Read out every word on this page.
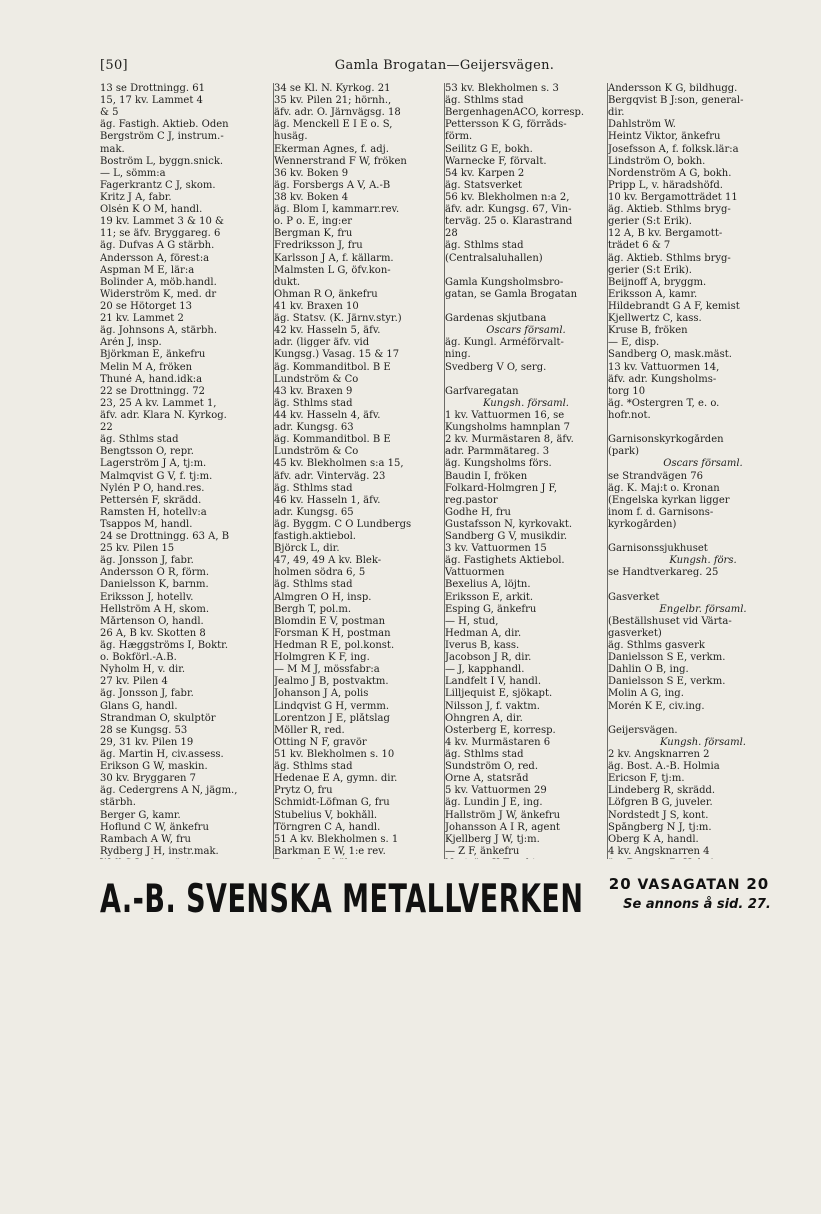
[50]	Gamla Brogatan—Geijersvägen.
13 se Drottningg. 61
15, 17 kv. Lammet 4
& 5
äg. Fastigh. Aktieb. Oden
Bergström C J, instrum.-
mak.
Boström L, byggn.snick.
— L, sömm:a
Fagerkrantz C J, skom.
Kritz J A, fabr.
Olsén K O M, handl.
19 kv. Lammet 3 & 10 &
11; se äfv. Bryggareg. 6
äg. Dufvas A G stärbh.
Andersson A, förest:a
Aspman M E, lär:a
Bolinder A, möb.handl.
Widerström K, med. dr
20 se Hötorget 13
21 kv. Lammet 2
äg. Johnsons A, stärbh.
Arén J, insp.
Björkman E, änkefru
Melin M A, fröken
Thuné A, hand.idk:a
22 se Drottningg. 72
23, 25 A kv. Lammet 1,
äfv. adr. Klara N. Kyrkog.
22
äg. Sthlms stad
Bengtsson O, repr.
Lagerström J A, tj:m.
Malmqvist G V, f. tj:m.
Nylén P O, hand.res.
Pettersén F, skrädd.
Ramsten H, hotellv:a
Tsappos M, handl.
24 se Drottningg. 63 A, B
25 kv. Pilen 15
äg. Jonsson J, fabr.
Andersson O R, förm.
Danielsson K, barnm.
Eriksson J, hotellv.
Hellström A H, skom.
Mårtenson O, handl.
26 A, B kv. Skotten 8
äg. Hæggströms I, Boktr.
o. Bokförl.-A.B.
Nyholm H, v. dir.
27 kv. Pilen 4
äg. Jonsson J, fabr.
Glans G, handl.
Strandman O, skulptör
28 se Kungsg. 53
29, 31 kv. Pilen 19
äg. Martin H, civ.assess.
Erikson G W, maskin.
30 kv. Bryggaren 7
äg. Cedergrens A N, jägm.,
stärbh.
Berger G, kamr.
Hoflund C W, änkefru
Rambach A W, fru
Rydberg J H, instr.mak.
34 se Kl. N. Kyrkog. 21
35 kv. Pilen 21; hörnh.,
äfv. adr. Ö. Järnvägsg. 18
äg. Menckell E I E o. S,
husäg.
Ekerman Agnes, f. adj.
Wennerstrand F W, fröken
36 kv. Boken 9
äg. Forsbergs A V, A.-B
38 kv. Boken 4
äg. Blom I, kammarr.rev.
o. P o. E, ing:er
Bergman K, fru
Fredriksson J, fru
Karlsson J A, f. källarm.
Malmsten L G, öfv.kon-
dukt.
Öhman R O, änkefru
41 kv. Braxen 10
äg. Statsv. (K. Järnv.styr.)
42 kv. Hasseln 5, äfv.
adr. (ligger äfv. vid
Kungsg.) Vasag. 15 & 17
äg. Kommanditbol. B E
Lundström & Co
43 kv. Braxen 9
äg. Sthlms stad
44 kv. Hasseln 4, äfv.
adr. Kungsg. 63
äg. Kommanditbol. B E
Lundström & Co
45 kv. Blekholmen s:a 15,
äfv. adr. Vinterväg. 23
äg. Sthlms stad
46 kv. Hasseln 1, äfv.
adr. Kungsg. 65
äg. Byggm. C O Lundbergs
fastigh.aktiebol.
Björck L, dir.
47, 49, 49 A kv. Blek-
holmen södra 6, 5
äg. Sthlms stad
Almgren O H, insp.
Bergh T, pol.m.
Blomdin E V, postman
Forsman K H, postman
Hedman R E, pol.konst.
Holmgren K F, ing.
— M M J, mössfabr:a
Jealmo J B, postvaktm.
Johanson J A, polis
Lindqvist G H, vermm.
Lorentzon J E, plåtslag
Möller R, red.
Otting N F, gravör
51 kv. Blekholmen s. 10
äg. Sthlms stad
Hedenae E A, gymn. dir.
Prytz O, fru
Schmidt-Löfman G, fru
Stubelius V, bokhåll.
Törngren C A, handl.
51 A kv. Blekholmen s. 1
Barkman E W, 1:e rev.
53 kv. Blekholmen s. 3
äg. Sthlms stad
BergenhagenACO, korresp.
Pettersson K G, förråds-
förm.
Seilitz G E, bokh.
Warnecke F, förvalt.
54 kv. Karpen 2
äg. Statsverket
56 kv. Blekholmen n:a 2,
äfv. adr. Kungsg. 67, Vin-
terväg. 25 o. Klarastrand
28
äg. Sthlms stad
(Centralsaluhallen)

Gamla Kungsholmsbro-
gatan, se Gamla Brogatan

Gardenas skjutbana
Oscars församl.
äg. Kungl. Arméförvalt-
ning.
Svedberg V O, serg.

Garfvaregatan
Kungsh. församl.
1 kv. Vattuormen 16, se
Kungsholms hamnplan 7
2 kv. Murmästaren 8, äfv.
adr. Parmmätareg. 3
äg. Kungsholms förs.
Baudin I, fröken
Folkard-Holmgren J F,
reg.pastor
Godhe H, fru
Gustafsson N, kyrkovakt.
Sandberg G V, musikdir.
3 kv. Vattuormen 15
äg. Fastighets Aktiebol.
Vattuormen
Bexelius A, löjtn.
Eriksson E, arkit.
Esping G, änkefru
— H, stud,
Hedman A, dir.
Iverus B, kass.
Jacobson J R, dir.
— J, kapphandl.
Landfelt I V, handl.
Lilljequist E, sjökapt.
Nilsson J, f. vaktm.
Öhngren A, dir.
Österberg E, korresp.
4 kv. Murmästaren 6
äg. Sthlms stad
Sundström O, red.
Örne A, statsråd
5 kv. Vattuormen 29
äg. Lundin J E, ing.
Hallström J W, änkefru
Johansson A I R, agent
Kjellberg J W, tj:m.
— Z F, änkefru
Andersson K G, bildhugg.
Bergqvist B J:son, general-
dir.
Dahlström W.
Heintz Viktor, änkefru
Josefsson A, f. folksk.lär:a
Lindström O, bokh.
Nordenström A G, bokh.
Pripp L, v. häradshöfd.
10 kv. Bergamotträdet 11
äg. Aktieb. Sthlms bryg-
gerier (S:t Erik).
12 A, B kv. Bergamott-
trädet 6 & 7
äg. Aktieb. Sthlms bryg-
gerier (S:t Erik).
Beijnoff A, bryggm.
Eriksson A, kamr.
Hildebrandt G A F, kemist
Kjellwertz C, kass.
Kruse B, fröken
— E, disp.
Sandberg O, mask.mäst.
13 kv. Vattuormen 14,
äfv. adr. Kungsholms-
torg 10
äg. *Östergren T, e. o.
hofr.not.

Garnisonskyrkogården
(park)
Oscars församl.
se Strandvägen 76
äg. K. Maj:t o. Kronan
(Engelska kyrkan ligger
inom f. d. Garnisons-
kyrkogården)

Garnisonssjukhuset
Kungsh. förs.
se Handtverkareg. 25

Gasverket
Engelbr. församl.
(Beställshuset vid Värta-
gasverket)
äg. Sthlms gasverk
Danielsson S E, verkm.
Dahlin O B, ing.
Danielsson S E, verkm.
Molin A G, ing.
Morén K E, civ.ing.

Geijersvägen.
Kungsh. församl.
2 kv. Ängsknarren 2
äg. Bost. A.-B. Holmia
Ericson F, tj:m.
Lindeberg R, skrädd.
Löfgren B G, juveler.
Nordstedt J S, kont.
Spångberg N J, tj:m.
Öberg K A, handl.
4 kv. Ängsknarren 4
A.-B. SVENSKA METALLVERKEN	20 VASAGATAN 20
Se annons å sid. 27.
